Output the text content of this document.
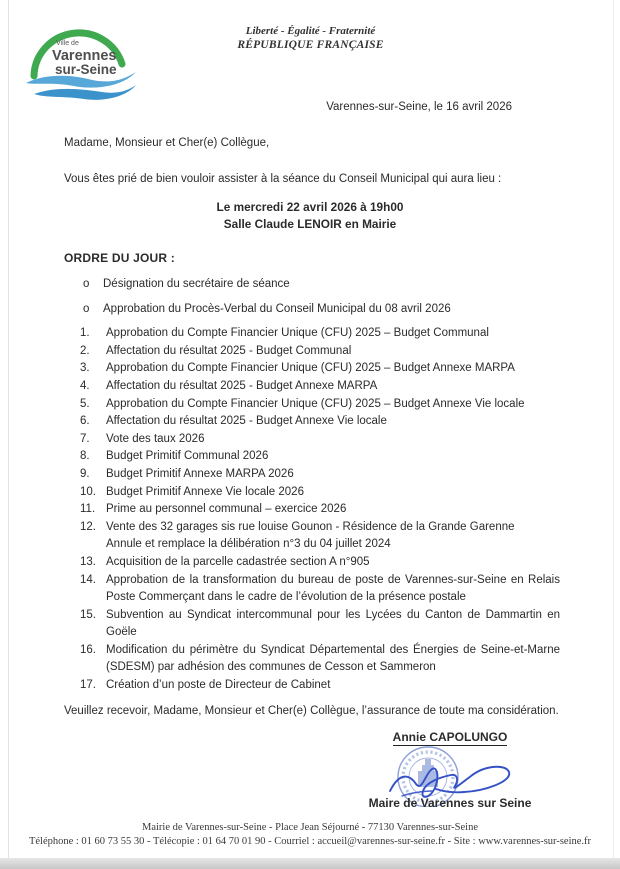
Ville de
Varennes
sur-Seine
Liberté - Égalité - Fraternité
RÉPUBLIQUE FRANÇAISE
Varennes-sur-Seine, le 16 avril 2026
Madame, Monsieur et Cher(e) Collègue,
Vous êtes prié de bien vouloir assister à la séance du Conseil Municipal qui aura lieu :
Le mercredi 22 avril 2026 à 19h00
Salle Claude LENOIR en Mairie
ORDRE DU JOUR :
o	Désignation du secrétaire de séance
o	Approbation du Procès-Verbal du Conseil Municipal du 08 avril 2026
1.	Approbation du Compte Financier Unique (CFU) 2025 – Budget Communal
2.	Affectation du résultat 2025 - Budget Communal
3.	Approbation du Compte Financier Unique (CFU) 2025 – Budget Annexe MARPA
4.	Affectation du résultat 2025 - Budget Annexe MARPA
5.	Approbation du Compte Financier Unique (CFU) 2025 – Budget Annexe Vie locale
6.	Affectation du résultat 2025 - Budget Annexe Vie locale
7.	Vote des taux 2026
8.	Budget Primitif Communal 2026
9.	Budget Primitif Annexe MARPA 2026
10. Budget Primitif Annexe Vie locale 2026
11. Prime au personnel communal – exercice 2026
12. Vente des 32 garages sis rue louise Gounon - Résidence de la Grande Garenne
Annule et remplace la délibération n°3 du 04 juillet 2024
13. Acquisition de la parcelle cadastrée section A n°905
14. Approbation de la transformation du bureau de poste de Varennes-sur-Seine en Relais Poste Commerçant dans le cadre de l’évolution de la présence postale
15. Subvention au Syndicat intercommunal pour les Lycées du Canton de Dammartin en Goële
16. Modification du périmètre du Syndicat Départemental des Énergies de Seine-et-Marne (SDESM) par adhésion des communes de Cesson et Sammeron
17. Création d’un poste de Directeur de Cabinet
Veuillez recevoir, Madame, Monsieur et Cher(e) Collègue, l’assurance de toute ma considération.
Annie CAPOLUNGO
Maire de Varennes sur Seine
Mairie de Varennes-sur-Seine - Place Jean Séjourné - 77130 Varennes-sur-Seine
Téléphone : 01 60 73 55 30 - Télécopie : 01 64 70 01 90 - Courriel : accueil@varennes-sur-seine.fr - Site : www.varennes-sur-seine.fr
